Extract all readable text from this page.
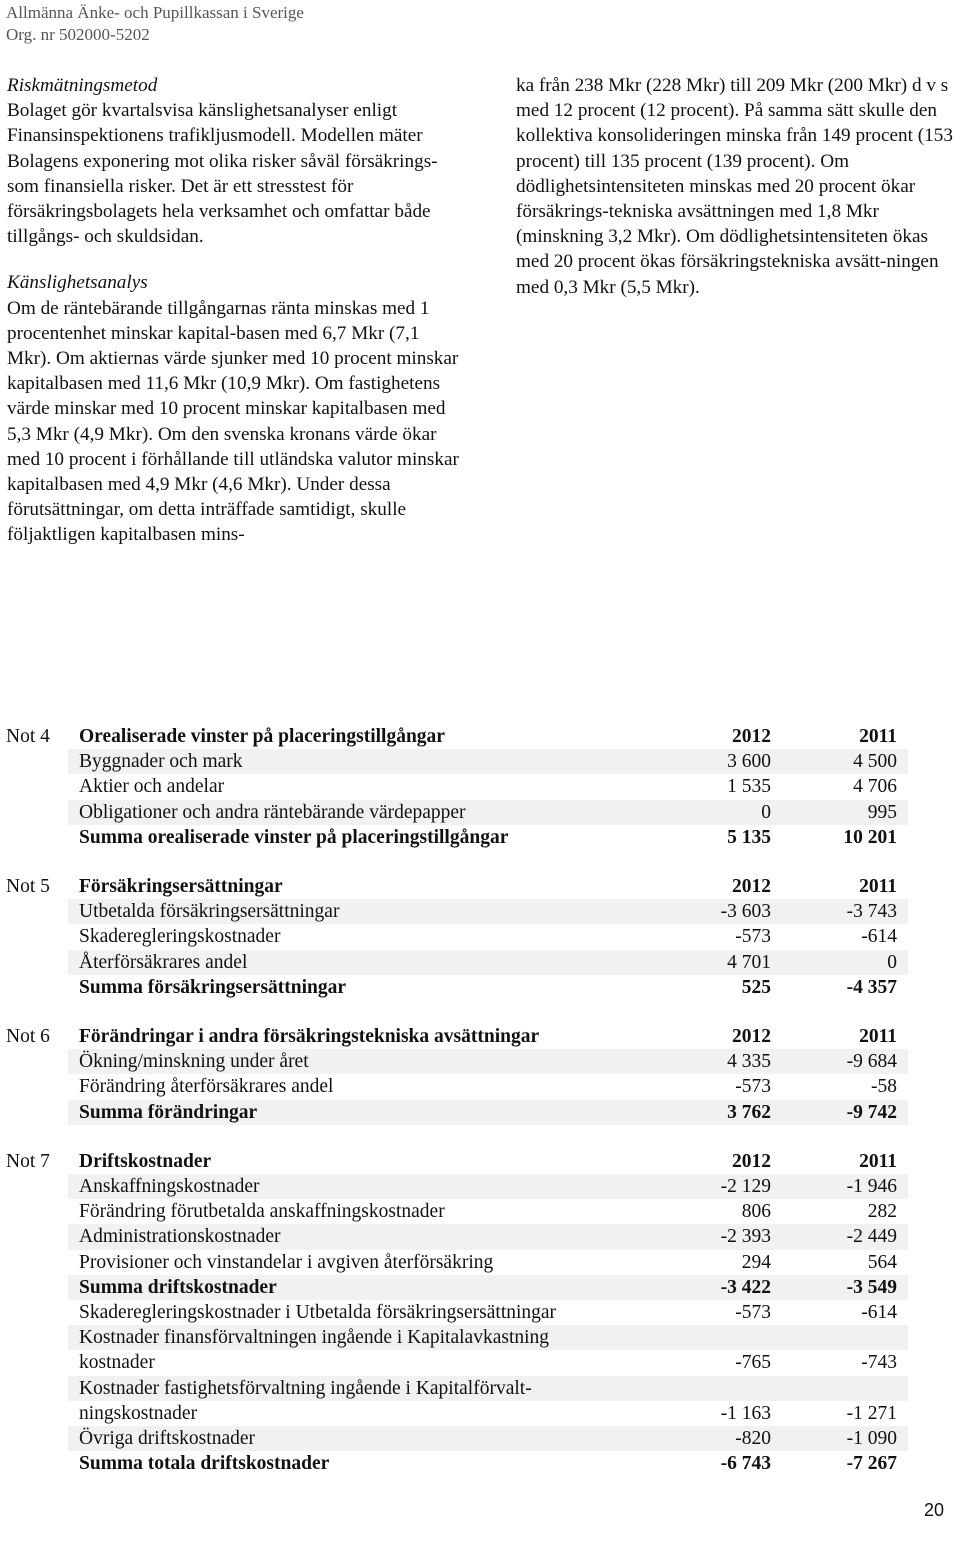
Allmänna Änke- och Pupillkassan i Sverige
Org. nr 502000-5202

Riskmätningsmetod
Bolaget gör kvartalsvisa känslighetsanalyser enligt Finansinspektionens trafikljusmodell. Modellen mäter Bolagens exponering mot olika risker såväl försäkrings- som finansiella risker. Det är ett stresstest för försäkringsbolagets hela verksamhet och omfattar både tillgångs- och skuldsidan.

Känslighetsanalys
Om de räntebärande tillgångarnas ränta minskas med 1 procentenhet minskar kapital-basen med 6,7 Mkr (7,1 Mkr). Om aktiernas värde sjunker med 10 procent minskar kapitalbasen med 11,6 Mkr (10,9 Mkr). Om fastighetens värde minskar med 10 procent minskar kapitalbasen med 5,3 Mkr (4,9 Mkr). Om den svenska kronans värde ökar med 10 procent i förhållande till utländska valutor minskar kapitalbasen med 4,9 Mkr (4,6 Mkr). Under dessa förutsättningar, om detta inträffade samtidigt, skulle följaktligen kapitalbasen mins-

ka från 238 Mkr (228 Mkr) till 209 Mkr (200 Mkr) d v s med 12 procent (12 procent). På samma sätt skulle den kollektiva konsolideringen minska från 149 procent (153 procent) till 135 procent (139 procent). Om dödlighetsintensiteten minskas med 20 procent ökar försäkrings-tekniska avsättningen med 1,8 Mkr (minskning 3,2 Mkr). Om dödlighetsintensiteten ökas med 20 procent ökas försäkringstekniska avsätt-ningen med 0,3 Mkr (5,5 Mkr).

Not 4 Orealiserade vinster på placeringstillgångar	2012	2011
Byggnader och mark	3 600	4 500
Aktier och andelar	1 535	4 706
Obligationer och andra räntebärande värdepapper	0	995
Summa orealiserade vinster på placeringstillgångar	5 135	10 201
Not 5 Försäkringsersättningar	2012	2011
Utbetalda försäkringsersättningar	-3 603	-3 743
Skaderegleringskostnader	-573	-614
Återförsäkrares andel	4 701	0
Summa försäkringsersättningar	525	-4 357
Not 6 Förändringar i andra försäkringstekniska avsättningar	2012	2011
Ökning/minskning under året	4 335	-9 684
Förändring återförsäkrares andel	-573	-58
Summa förändringar	3 762	-9 742
Not 7 Driftskostnader	2012	2011
Anskaffningskostnader	-2 129	-1 946
Förändring förutbetalda anskaffningskostnader	806	282
Administrationskostnader	-2 393	-2 449
Provisioner och vinstandelar i avgiven återförsäkring	294	564
Summa driftskostnader	-3 422	-3 549
Skaderegleringskostnader i Utbetalda försäkringsersättningar	-573	-614
Kostnader finansförvaltningen ingående i Kapitalavkastning		
kostnader	-765	-743
Kostnader fastighetsförvaltning ingående i Kapitalförvalt-		
ningskostnader	-1 163	-1 271
Övriga driftskostnader	-820	-1 090
Summa totala driftskostnader	-6 743	-7 267
20
